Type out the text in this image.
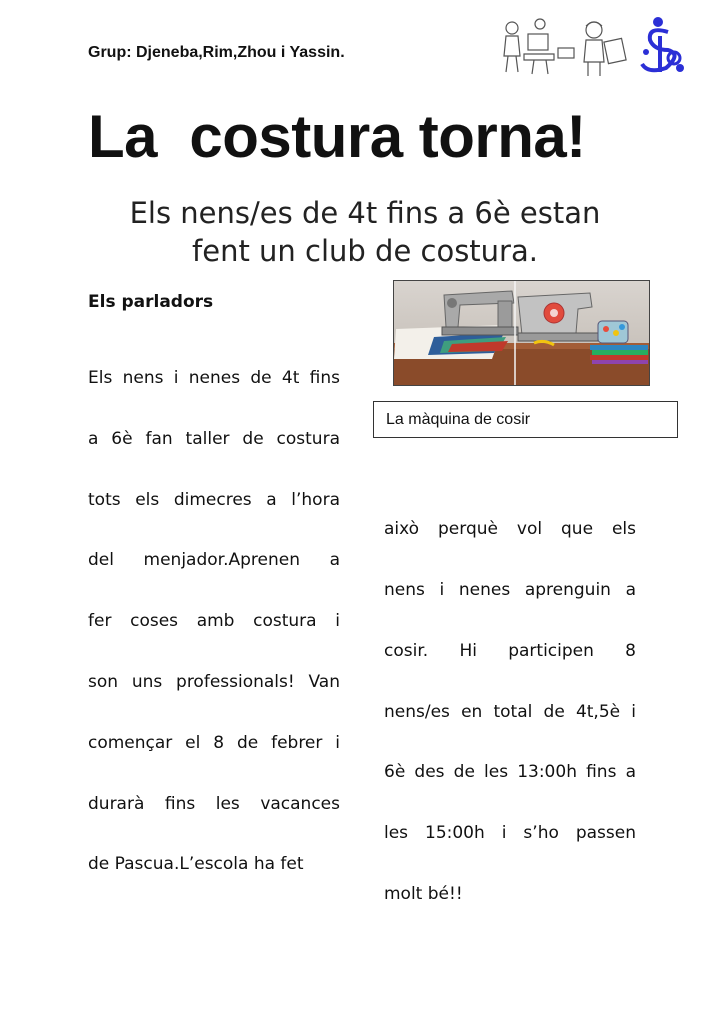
Grup: Djeneba,Rim,Zhou i Yassin.
La  costura torna!
Els nens/es de 4t fins a 6è estan
fent un club de costura.
Els parladors
La màquina de cosir
Els nens i nenes de 4t fins
a 6è fan taller de costura
tots els dimecres a l’hora
del menjador.Aprenen a
fer coses amb costura i
son uns professionals! Van
començar el 8 de febrer i
durarà fins les vacances
de Pascua.L’escola ha fet
això perquè vol que els
nens i nenes aprenguin a
cosir. Hi participen 8
nens/es en total de 4t,5è i
6è des de les 13:00h fins a
les 15:00h i s’ho passen
molt bé!!
